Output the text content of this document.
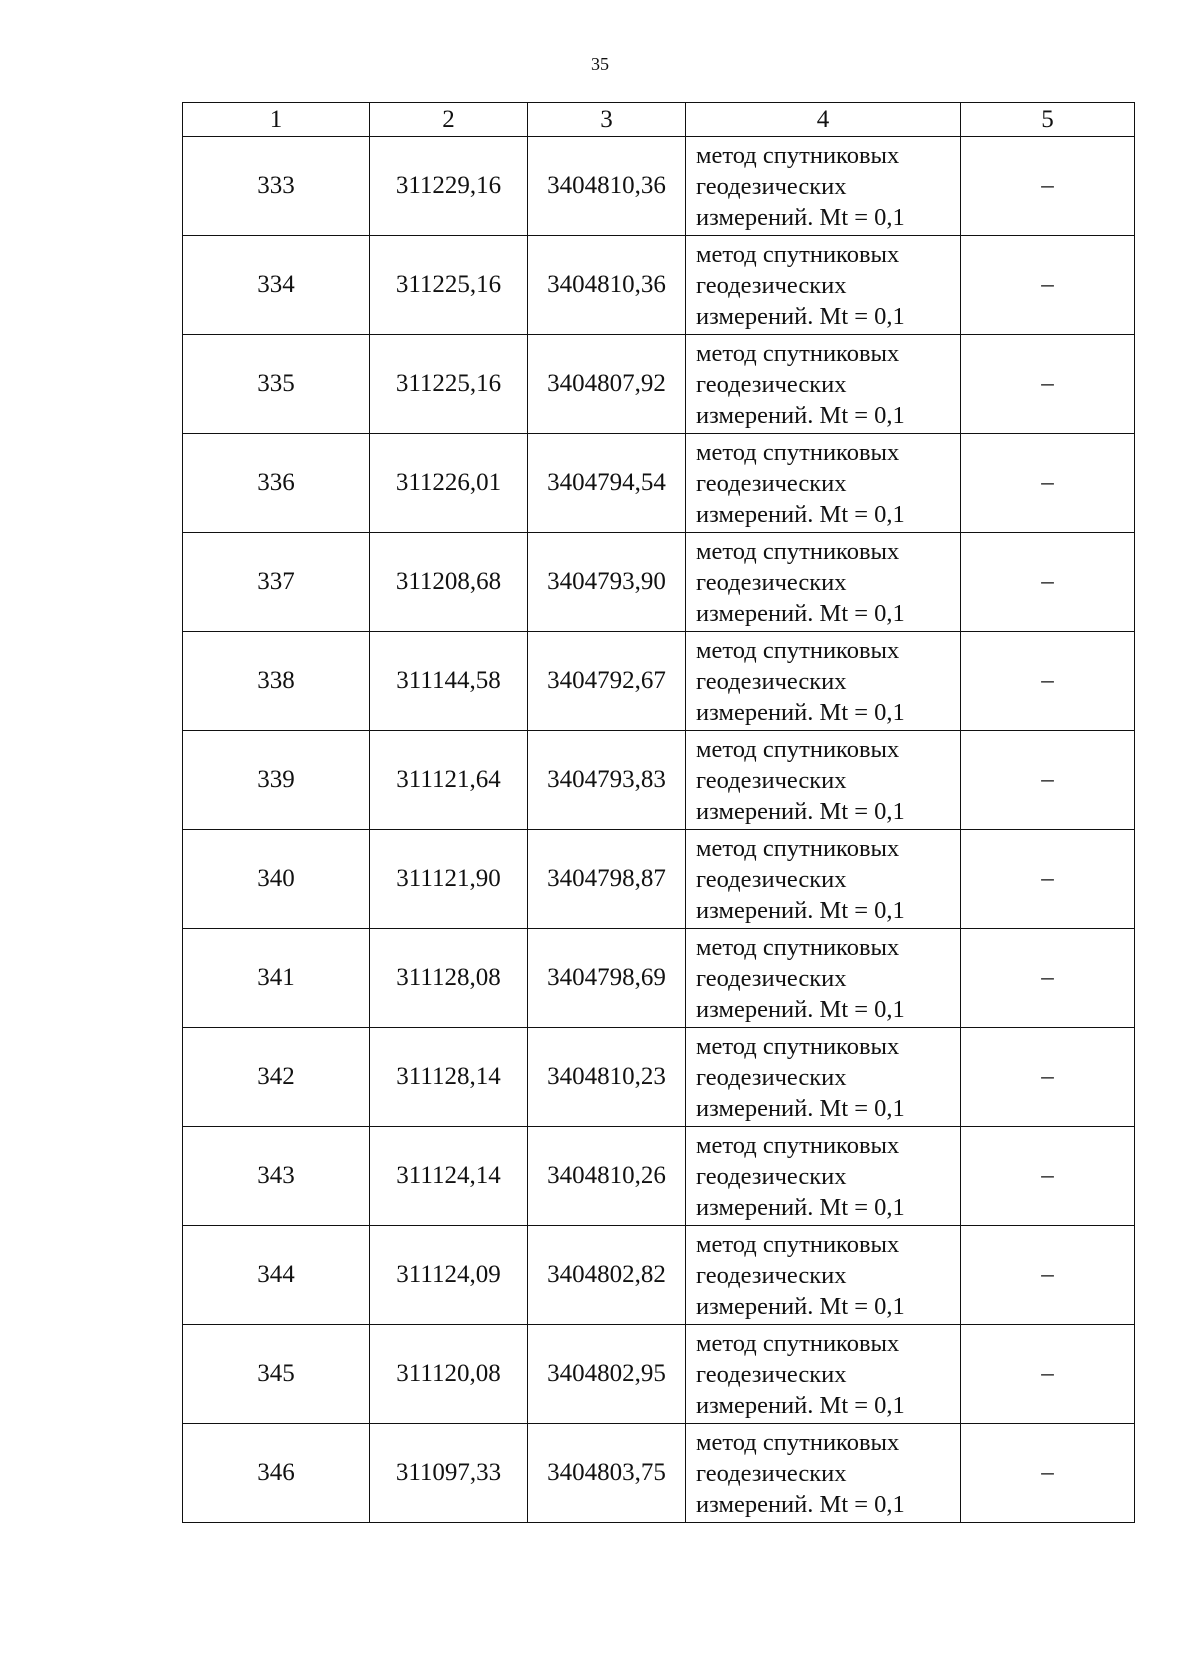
35
1	2	3	4	5
333	311229,16	3404810,36	метод спутниковых
геодезических
измерений. Mt = 0,1	–
334	311225,16	3404810,36	метод спутниковых
геодезических
измерений. Mt = 0,1	–
335	311225,16	3404807,92	метод спутниковых
геодезических
измерений. Mt = 0,1	–
336	311226,01	3404794,54	метод спутниковых
геодезических
измерений. Mt = 0,1	–
337	311208,68	3404793,90	метод спутниковых
геодезических
измерений. Mt = 0,1	–
338	311144,58	3404792,67	метод спутниковых
геодезических
измерений. Mt = 0,1	–
339	311121,64	3404793,83	метод спутниковых
геодезических
измерений. Mt = 0,1	–
340	311121,90	3404798,87	метод спутниковых
геодезических
измерений. Mt = 0,1	–
341	311128,08	3404798,69	метод спутниковых
геодезических
измерений. Mt = 0,1	–
342	311128,14	3404810,23	метод спутниковых
геодезических
измерений. Mt = 0,1	–
343	311124,14	3404810,26	метод спутниковых
геодезических
измерений. Mt = 0,1	–
344	311124,09	3404802,82	метод спутниковых
геодезических
измерений. Mt = 0,1	–
345	311120,08	3404802,95	метод спутниковых
геодезических
измерений. Mt = 0,1	–
346	311097,33	3404803,75	метод спутниковых
геодезических
измерений. Mt = 0,1	–
